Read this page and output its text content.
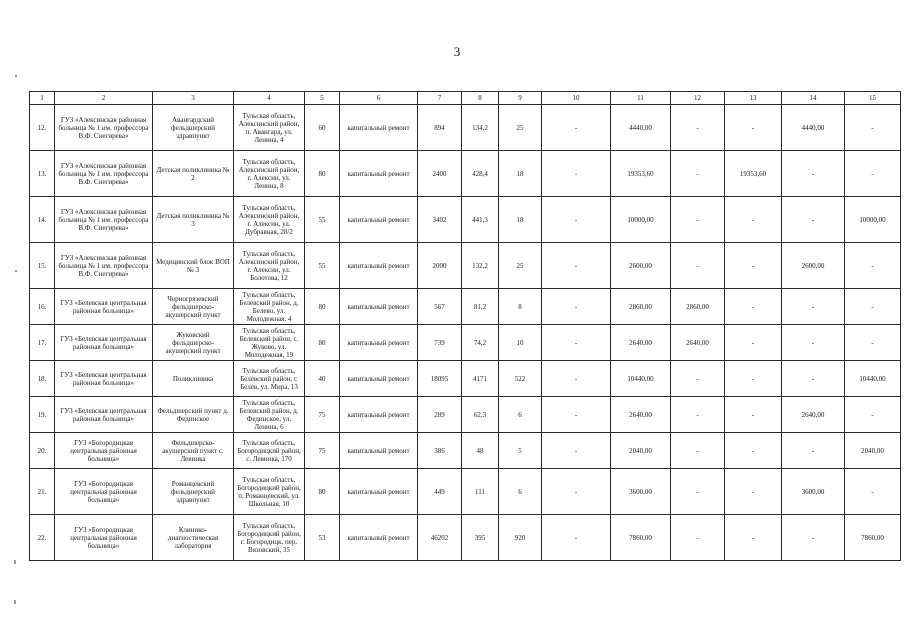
3
1	2	3	4	5	6	7	8	9	10	11	12	13	14	15	
12.	ГУЗ «Алексинская районная больница № 1 им. профессора В.Ф. Снегирева»	Авангардский фельдшерский здравпункт	Тульская область, Алексинский район, п. Авангард, ул. Ленина, 4	60	капитальный ремонт	894	134,2	25	-	4440,00	-	-	4440,00	-	
13.	ГУЗ «Алексинская районная больница № 1 им. профессора В.Ф. Снегирева»	Детская поликлиника № 2	Тульская область, Алексинский район, г. Алексин, ул. Ленина, 8	80	капитальный ремонт	2400	428,4	18	-	19353,60	-	19353,60	-	-	
14.	ГУЗ «Алексинская районная больница № 1 им. профессора В.Ф. Снегирева»	Детская поликлиника № 3	Тульская область, Алексинский район, г. Алексин, ул. Дубравная, 28/2	55	капитальный ремонт	3402	441,3	18	-	10000,00	-	-	-	10000,00	
15.	ГУЗ «Алексинская районная больница № 1 им. профессора В.Ф. Снегирева»	Медицинский блок ВОП № 3	Тульская область, Алексинский район, г. Алексин, ул. Болотова, 12	55	капитальный ремонт	2000	132,2	25	-	2600,00	-	-	2600,00	-	
16.	ГУЗ «Белевская центральная районная больница»	Черногрязевский фельдшерско-акушерский пункт	Тульская область, Белевский район, д. Белево, ул. Молодежная, 4	80	капитальный ремонт	567	81,2	8	-	2860,00	2860,00	-	-	-	
17.	ГУЗ «Белевская центральная районная больница»	Жуковский фельдшерско-акушерский пункт	Тульская область, Белевский район, с. Жуково, ул. Молодежная, 19	80	капитальный ремонт	739	74,2	10	-	2640,00	2640,00	-	-	-	
18.	ГУЗ «Белевская центральная районная больница»	Поликлиника	Тульская область, Белевский район, г. Белев, ул. Мира, 13	40	капитальный ремонт	18095	4171	522	-	10440,00	-	-	-	10440,00	
19.	ГУЗ «Белевская центральная районная больница»	Фельдшерский пункт д. Фединское	Тульская область, Белевский район, д. Фединское, ул. Ленина, 6	75	капитальный ремонт	289	62,3	6	-	2640,00	-	-	2640,00	-	
20.	ГУЗ «Богородицкая центральная районная больница»	Фельдшерско-акушерский пункт с. Левинка	Тульская область, Богородицкий район, с. Левинка, 170	75	капитальный ремонт	386	48	5	-	2040,00	-	-	-	2040,00	
21.	ГУЗ «Богородицкая центральная районная больница»	Романцевский фельдшерский здравпункт	Тульская область, Богородицкий район, п. Романцевский, ул. Школьная, 10	80	капитальный ремонт	449	111	6	-	3600,00	-	-	3600,00	-	
22.	ГУЗ «Богородицкая центральная районная больница»	Клинико-диагностическая лаборатория	Тульская область, Богородицкий район, г. Богородицк, пер. Вязовский, 35	53	капитальный ремонт	46202	395	920	-	7860,00	-	-	-	7860,00	
